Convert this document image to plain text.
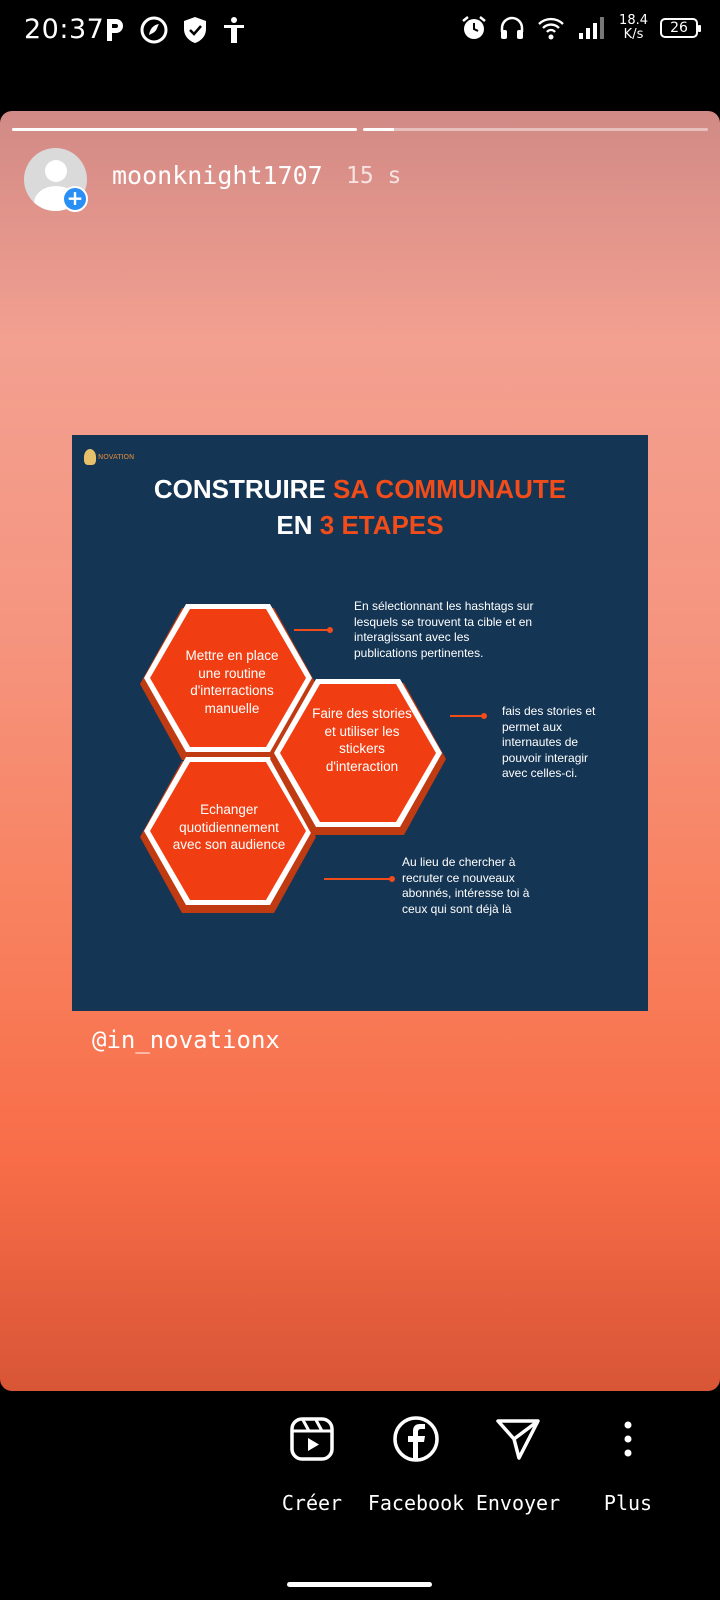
20:37	18.4
K/s	26
+
moonknight1707 15 s
NOVATION
CONSTRUIRE SA COMMUNAUTE
EN 3 ETAPES
Mettre en place une routine d'interractions manuelle
Echanger quotidiennement avec son audience
Faire des stories et utiliser les stickers d'interaction
En sélectionnant les hashtags sur lesquels se trouvent ta cible et en interagissant avec les publications pertinentes.
fais des stories et permet aux internautes de pouvoir interagir avec celles-ci.
Au lieu de chercher à recruter ce nouveaux abonnés, intéresse toi à ceux qui sont déjà là
@in_novationx
Créer	Facebook Envoyer	Plus
